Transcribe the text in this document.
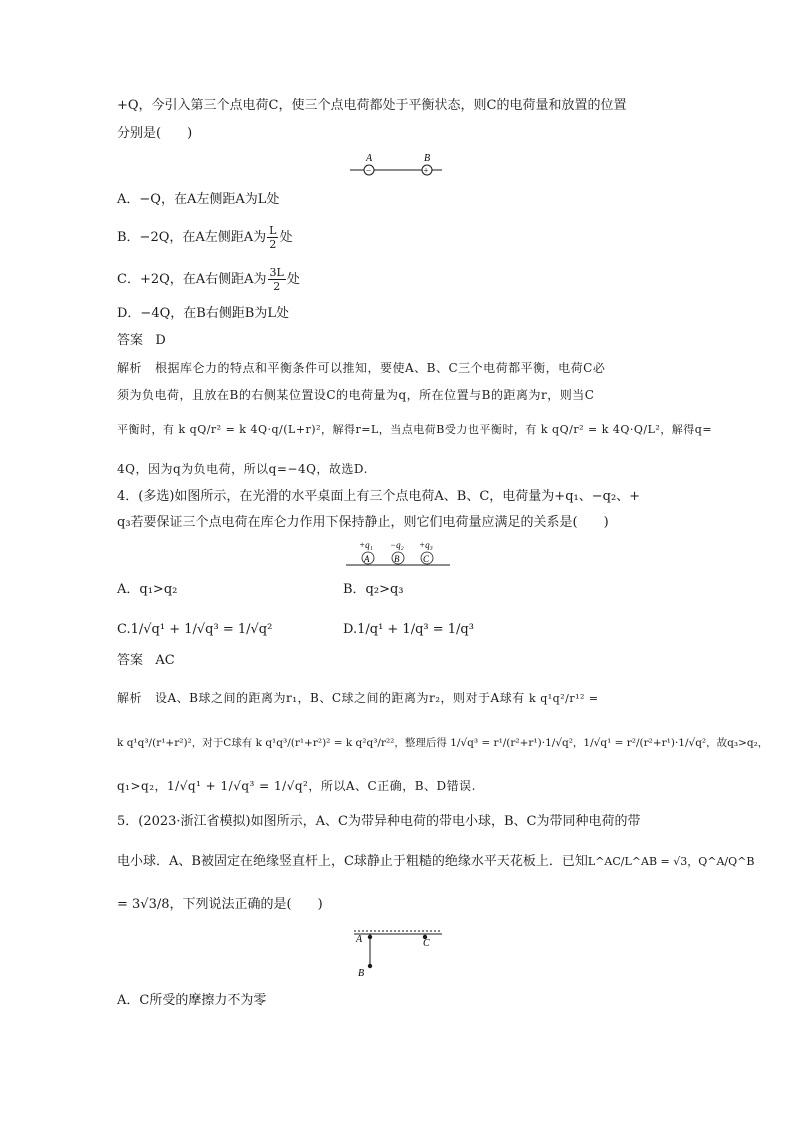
+Q，今引入第三个点电荷C，使三个点电荷都处于平衡状态，则C的电荷量和放置的位置
分别是(　　)
A	B
−	+
A．−Q，在A左侧距A为L处
B．−2Q，在A左侧距A为 $\frac{L}{2}$ 处
C．+2Q，在A右侧距A为 $\frac{3L}{2}$ 处
D．−4Q，在B右侧距B为L处
答案 D
解析 根据库仑力的特点和平衡条件可以推知，要使A、B、C三个电荷都平衡，电荷C必
须为负电荷，且放在B的右侧某位置设C的电荷量为q，所在位置与B的距离为r，则当C
平衡时，有 k qQ/r² = k 4Q·q/(L+r)²，解得r=L，当点电荷B受力也平衡时，有 k qQ/r² = k 4Q·Q/L²，解得q=
4Q，因为q为负电荷，所以q=−4Q，故选D.
4．(多选)如图所示，在光滑的水平桌面上有三个点电荷A、B、C，电荷量为+q₁、−q₂、+
q₃若要保证三个点电荷在库仑力作用下保持静止，则它们电荷量应满足的关系是(　　)
+q₁ −q₂ +q₃
A	B	C
A．q₁>q₂	B．q₂>q₃
C.1/√q¹ + 1/√q³ = 1/√q²	D.1/q¹ + 1/q³ = 1/q³
答案 AC
解析 设A、B球之间的距离为r₁，B、C球之间的距离为r₂，则对于A球有 k q¹q²/r¹² =
k q¹q³/(r¹+r²)²，对于C球有 k q¹q³/(r¹+r²)² = k q²q³/r²²，整理后得 1/√q³ = r¹/(r²+r¹)·1/√q²，1/√q¹ = r²/(r²+r¹)·1/√q²，故q₃>q₂，
q₁>q₂，1/√q¹ + 1/√q³ = 1/√q²，所以A、C正确，B、D错误.
5．(2023·浙江省模拟)如图所示，A、C为带异种电荷的带电小球，B、C为带同种电荷的带
电小球．A、B被固定在绝缘竖直杆上，C球静止于粗糙的绝缘水平天花板上．已知L^AC/L^AB = √3，Q^A/Q^B
= 3√3/8，下列说法正确的是(　　)
A
B
C
A．C所受的摩擦力不为零
